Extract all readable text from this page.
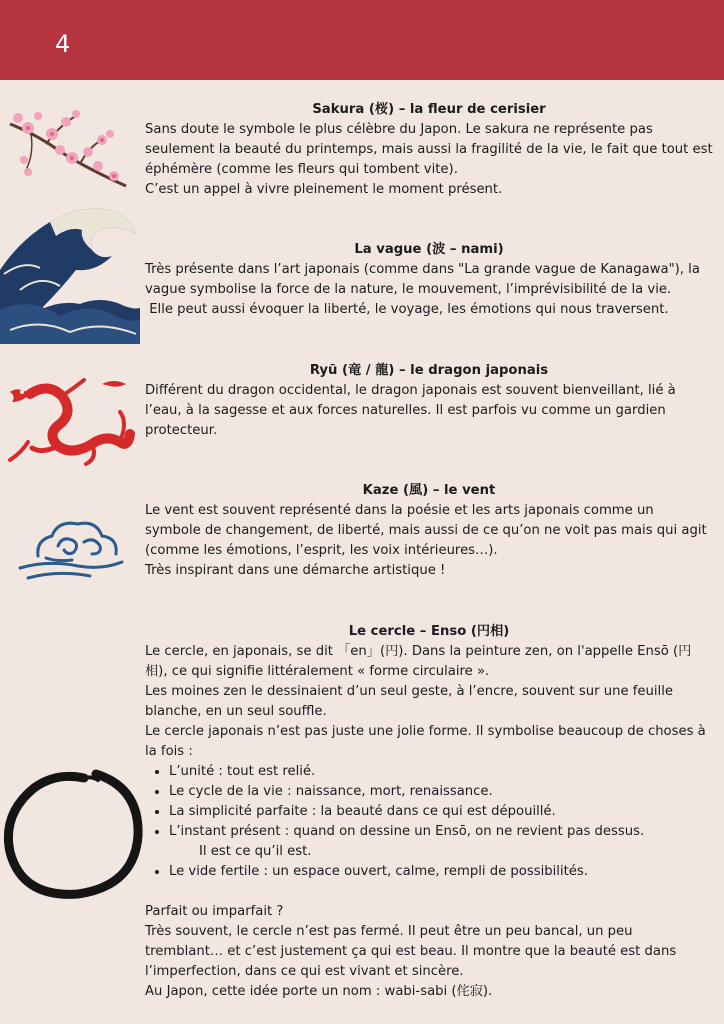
4
Sakura (桜) – la fleur de cerisier

Sans doute le symbole le plus célèbre du Japon. Le sakura ne représente pas seulement la beauté du printemps, mais aussi la fragilité de la vie, le fait que tout est éphémère (comme les fleurs qui tombent vite).

C’est un appel à vivre pleinement le moment présent.

La vague (波 – nami)

Très présente dans l’art japonais (comme dans "La grande vague de Kanagawa"), la vague symbolise la force de la nature, le mouvement, l’imprévisibilité de la vie.

Elle peut aussi évoquer la liberté, le voyage, les émotions qui nous traversent.

Ryū (竜 / 龍) – le dragon japonais

Différent du dragon occidental, le dragon japonais est souvent bienveillant, lié à l’eau, à la sagesse et aux forces naturelles. Il est parfois vu comme un gardien protecteur.

Kaze (風) – le vent

Le vent est souvent représenté dans la poésie et les arts japonais comme un symbole de changement, de liberté, mais aussi de ce qu’on ne voit pas mais qui agit (comme les émotions, l’esprit, les voix intérieures…).

Très inspirant dans une démarche artistique !

Le cercle – Enso (円相)

Le cercle, en japonais, se dit 「en」(円). Dans la peinture zen, on l'appelle Ensō (円相), ce qui signifie littéralement « forme circulaire ».

Les moines zen le dessinaient d’un seul geste, à l’encre, souvent sur une feuille blanche, en un seul souffle.

Le cercle japonais n’est pas juste une jolie forme. Il symbolise beaucoup de choses à la fois :

• L’unité : tout est relié.
• Le cycle de la vie : naissance, mort, renaissance.
• La simplicité parfaite : la beauté dans ce qui est dépouillé.
• L’instant présent : quand on dessine un Ensō, on ne revient pas dessus.
Il est ce qu’il est.
• Le vide fertile : un espace ouvert, calme, rempli de possibilités.

Parfait ou imparfait ?

Très souvent, le cercle n’est pas fermé. Il peut être un peu bancal, un peu tremblant… et c’est justement ça qui est beau. Il montre que la beauté est dans l’imperfection, dans ce qui est vivant et sincère.

Au Japon, cette idée porte un nom : wabi-sabi (侘寂).
